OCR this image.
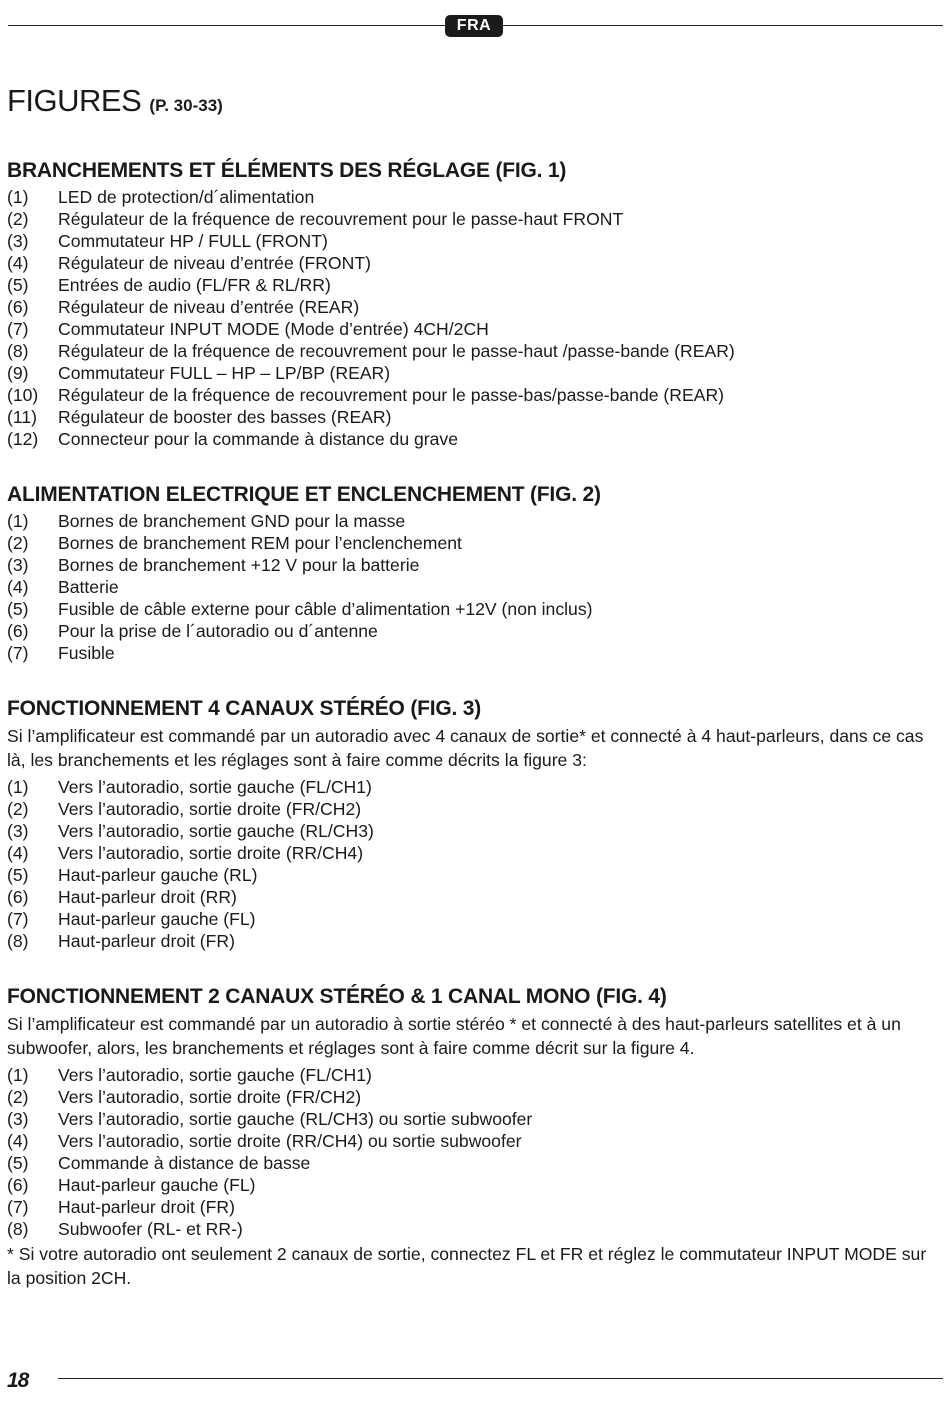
FRA
FIGURES (P. 30-33)
BRANCHEMENTS ET ÉLÉMENTS DES RÉGLAGE (FIG. 1)
(1)	LED de protection/d´alimentation
(2)	Régulateur de la fréquence de recouvrement pour le passe-haut FRONT
(3)	Commutateur HP / FULL (FRONT)
(4)	Régulateur de niveau d’entrée (FRONT)
(5)	Entrées de audio (FL/FR & RL/RR)
(6)	Régulateur de niveau d’entrée (REAR)
(7)	Commutateur INPUT MODE (Mode d’entrée) 4CH/2CH
(8)	Régulateur de la fréquence de recouvrement pour le passe-haut /passe-bande (REAR)
(9)	Commutateur FULL – HP – LP/BP (REAR)
(10)	Régulateur de la fréquence de recouvrement pour le passe-bas/passe-bande (REAR)
(11)	Régulateur de booster des basses (REAR)
(12)	Connecteur pour la commande à distance du grave
ALIMENTATION ELECTRIQUE ET ENCLENCHEMENT (FIG. 2)
(1)	Bornes de branchement GND pour la masse
(2)	Bornes de branchement REM pour l’enclenchement
(3)	Bornes de branchement +12 V pour la batterie
(4)	Batterie
(5)	Fusible de câble externe pour câble d’alimentation +12V (non inclus)
(6)	Pour la prise de l´autoradio ou d´antenne
(7)	Fusible
FONCTIONNEMENT 4 CANAUX STÉRÉO (FIG. 3)

Si l’amplificateur est commandé par un autoradio avec 4 canaux de sortie* et connecté à 4 haut-parleurs, dans ce cas là, les branchements et les réglages sont à faire comme décrits la figure 3:

(1)	Vers l’autoradio, sortie gauche (FL/CH1)
(2)	Vers l’autoradio, sortie droite (FR/CH2)
(3)	Vers l’autoradio, sortie gauche (RL/CH3)
(4)	Vers l’autoradio, sortie droite (RR/CH4)
(5)	Haut-parleur gauche (RL)
(6)	Haut-parleur droit (RR)
(7)	Haut-parleur gauche (FL)
(8)	Haut-parleur droit (FR)
FONCTIONNEMENT 2 CANAUX STÉRÉO & 1 CANAL MONO (FIG. 4)

Si l’amplificateur est commandé par un autoradio à sortie stéréo * et connecté à des haut-parleurs satellites et à un subwoofer, alors, les branchements et réglages sont à faire comme décrit sur la figure 4.

(1)	Vers l’autoradio, sortie gauche (FL/CH1)
(2)	Vers l’autoradio, sortie droite (FR/CH2)
(3)	Vers l’autoradio, sortie gauche (RL/CH3) ou sortie subwoofer
(4)	Vers l’autoradio, sortie droite (RR/CH4) ou sortie subwoofer
(5)	Commande à distance de basse
(6)	Haut-parleur gauche (FL)
(7)	Haut-parleur droit (FR)
(8)	Subwoofer (RL- et RR-)

* Si votre autoradio ont seulement 2 canaux de sortie, connectez FL et FR et réglez le commutateur INPUT MODE sur la position 2CH.

18
